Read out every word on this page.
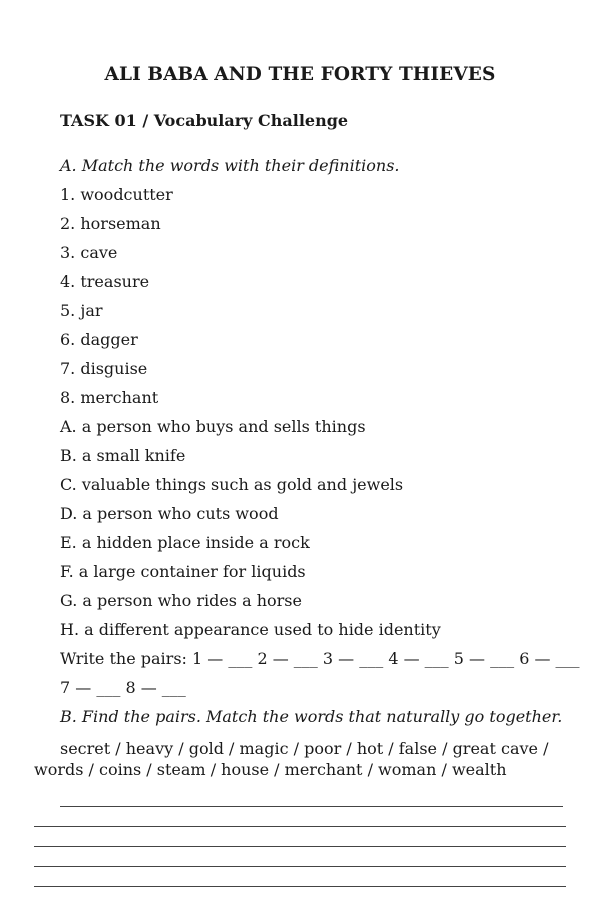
ALI BABA AND THE FORTY THIEVES
TASK 01 / Vocabulary Challenge
A. Match the words with their definitions.
1. woodcutter
2. horseman
3. cave
4. treasure
5. jar
6. dagger
7. disguise
8. merchant
A. a person who buys and sells things
B. a small knife
C. valuable things such as gold and jewels
D. a person who cuts wood
E. a hidden place inside a rock
F. a large container for liquids
G. a person who rides a horse
H. a different appearance used to hide identity
Write the pairs: 1 — ___ 2 — ___ 3 — ___ 4 — ___ 5 — ___ 6 — ___
7 — ___ 8 — ___
B. Find the pairs. Match the words that naturally go together.
secret / heavy / gold / magic / poor / hot / false / great cave / words / coins / steam / house / merchant / woman / wealth
